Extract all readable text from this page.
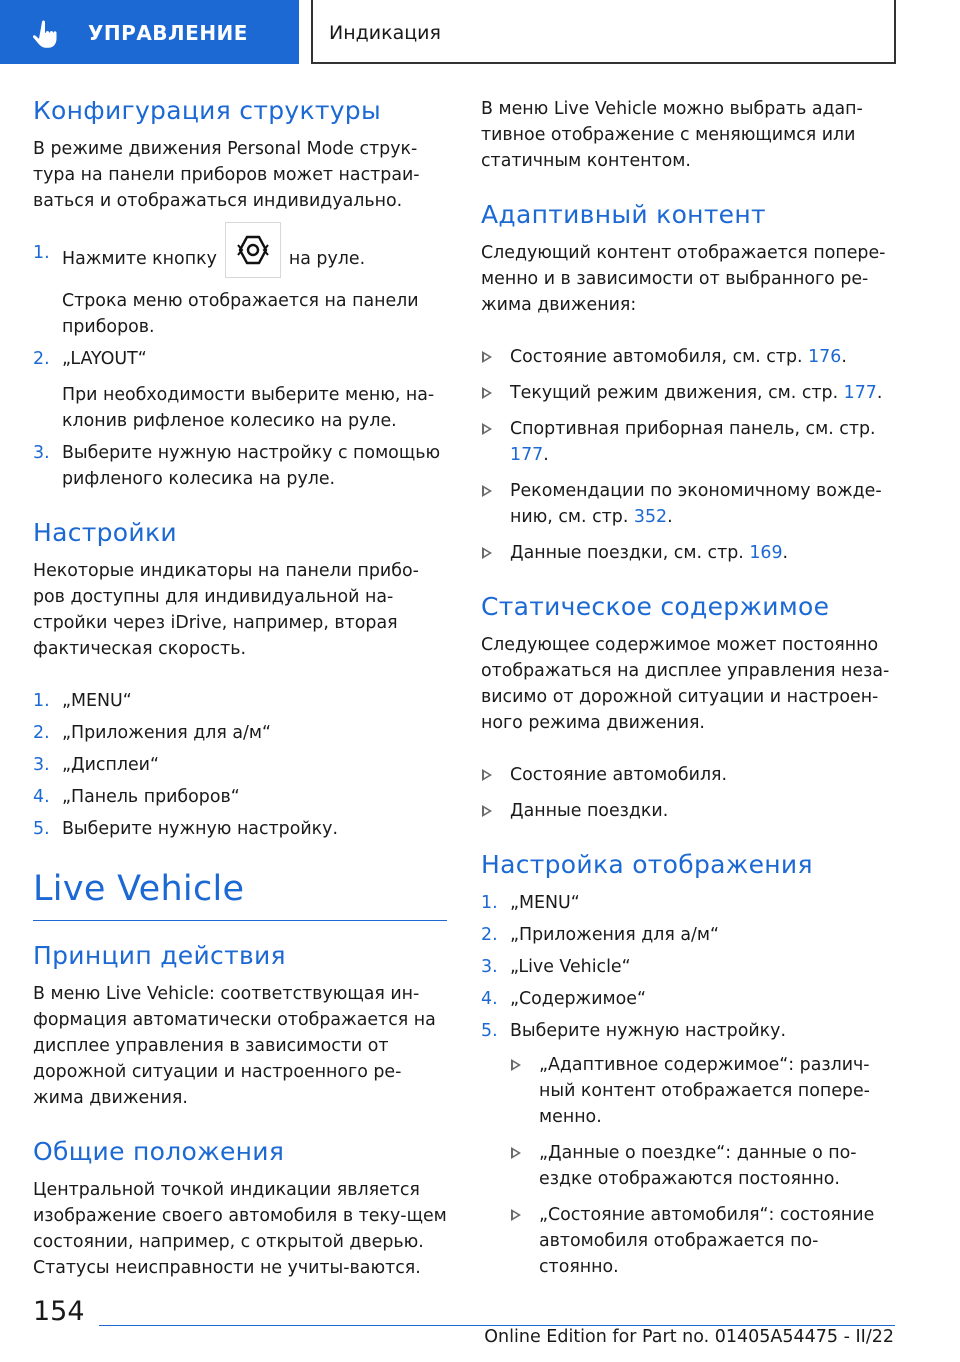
УПРАВЛЕНИЕ	Индикация
Конфигурация структуры

В режиме движения Personal Mode струк-тура на панели приборов может настраи-ваться и отображаться индивидуально.

1. Нажмите кнопку	на руле.
Строка меню отображается на панели приборов.
2. „LAYOUT“
При необходимости выберите меню, на-клонив рифленое колесико на руле.
3. Выберите нужную настройку с помощью рифленого колесика на руле.
Настройки

Некоторые индикаторы на панели прибо-ров доступны для индивидуальной на-стройки через iDrive, например, вторая фактическая скорость.

1. „MENU“
2. „Приложения для а/м“
3. „Дисплеи“
4. „Панель приборов“
5. Выберите нужную настройку.
Live Vehicle
Принцип действия

В меню Live Vehicle: соответствующая ин-формация автоматически отображается на дисплее управления в зависимости от дорожной ситуации и настроенного ре-жима движения.

Общие положения

Центральной точкой индикации является изображение своего автомобиля в теку-щем состоянии, например, с открытой дверью. Статусы неисправности не учиты-ваются.

В меню Live Vehicle можно выбрать адап-тивное отображение с меняющимся или статичным контентом.

Адаптивный контент

Следующий контент отображается попере-менно и в зависимости от выбранного ре-жима движения:

Состояние автомобиля, см. стр. 176.
Текущий режим движения, см. стр. 177.
Спортивная приборная панель, см. стр. 177.
Рекомендации по экономичному вожде-нию, см. стр. 352.
Данные поездки, см. стр. 169.
Статическое содержимое

Следующее содержимое может постоянно отображаться на дисплее управления неза-висимо от дорожной ситуации и настроен-ного режима движения.

Состояние автомобиля.
Данные поездки.
Настройка отображения
1. „MENU“
2. „Приложения для а/м“
3. „Live Vehicle“
4. „Содержимое“
5. Выберите нужную настройку.
„Адаптивное содержимое“: различ-ный контент отображается попере-менно.
„Данные о поездке“: данные о по-ездке отображаются постоянно.
„Состояние автомобиля“: состояние автомобиля отображается по-стоянно.
154
Online Edition for Part no. 01405A54475 - II/22
